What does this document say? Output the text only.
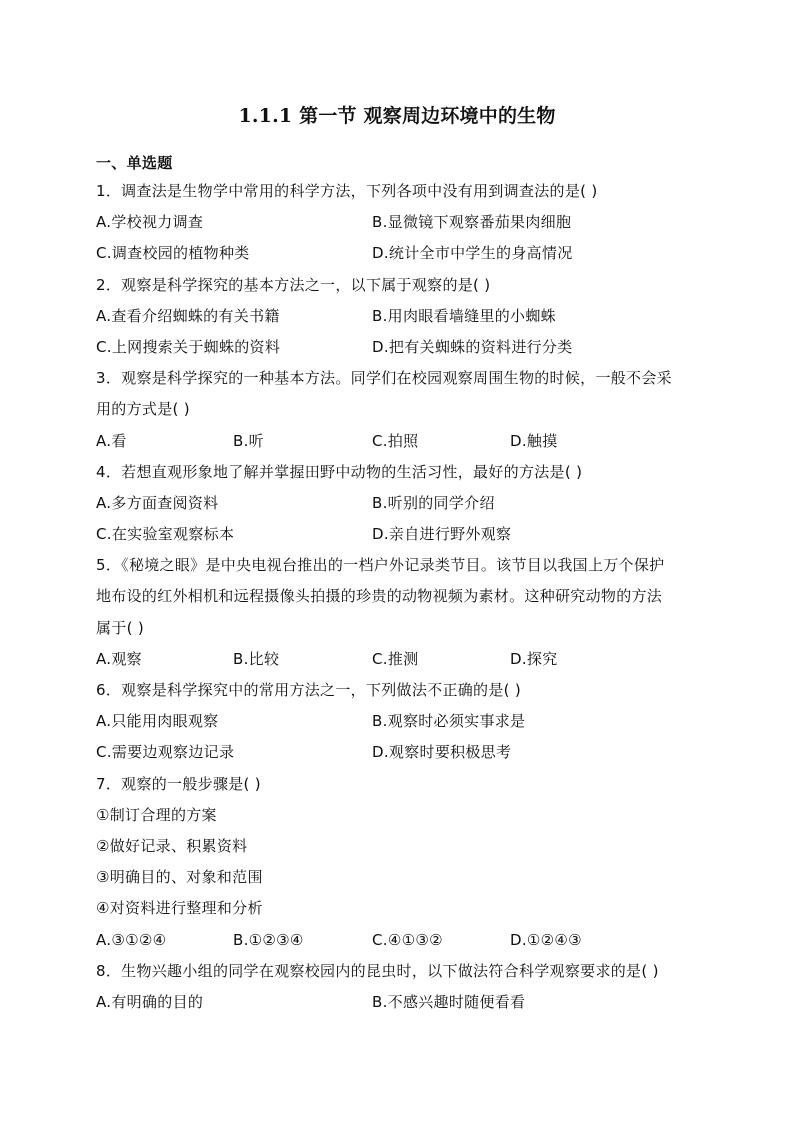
1.1.1 第一节 观察周边环境中的生物
一、单选题
1．调查法是生物学中常用的科学方法，下列各项中没有用到调查法的是( )
A.学校视力调查	B.显微镜下观察番茄果肉细胞
C.调查校园的植物种类	D.统计全市中学生的身高情况
2．观察是科学探究的基本方法之一，以下属于观察的是( )
A.查看介绍蜘蛛的有关书籍	B.用肉眼看墙缝里的小蜘蛛
C.上网搜索关于蜘蛛的资料	D.把有关蜘蛛的资料进行分类
3．观察是科学探究的一种基本方法。同学们在校园观察周围生物的时候，一般不会采
用的方式是( )
A.看	B.听	C.拍照	D.触摸
4．若想直观形象地了解并掌握田野中动物的生活习性，最好的方法是( )
A.多方面查阅资料	B.听别的同学介绍
C.在实验室观察标本	D.亲自进行野外观察
5．《秘境之眼》是中央电视台推出的一档户外记录类节目。该节目以我国上万个保护
地布设的红外相机和远程摄像头拍摄的珍贵的动物视频为素材。这种研究动物的方法
属于( )
A.观察	B.比较	C.推测	D.探究
6．观察是科学探究中的常用方法之一，下列做法不正确的是( )
A.只能用肉眼观察	B.观察时必须实事求是
C.需要边观察边记录	D.观察时要积极思考
7．观察的一般步骤是( )
①制订合理的方案
②做好记录、积累资料
③明确目的、对象和范围
④对资料进行整理和分析
A.③①②④	B.①②③④	C.④①③②	D.①②④③
8．生物兴趣小组的同学在观察校园内的昆虫时，以下做法符合科学观察要求的是( )
A.有明确的目的	B.不感兴趣时随便看看
